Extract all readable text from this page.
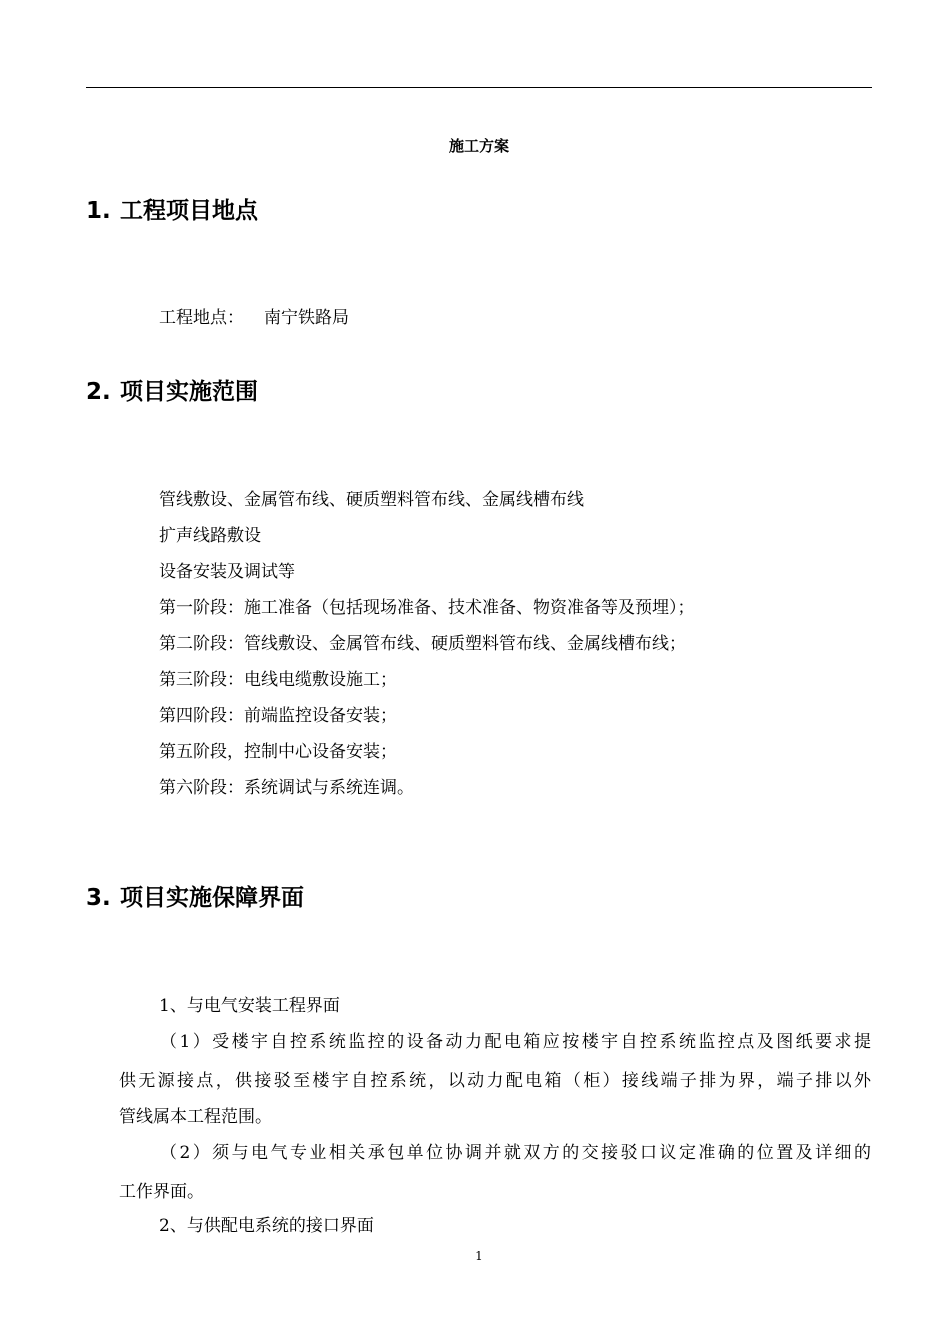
施工方案
1. 工程项目地点
工程地点： 南宁铁路局
2. 项目实施范围
管线敷设、金属管布线、硬质塑料管布线、金属线槽布线
扩声线路敷设
设备安装及调试等
第一阶段：施工准备（包括现场准备、技术准备、物资准备等及预埋）；
第二阶段：管线敷设、金属管布线、硬质塑料管布线、金属线槽布线；
第三阶段：电线电缆敷设施工；
第四阶段：前端监控设备安装；
第五阶段，控制中心设备安装；
第六阶段：系统调试与系统连调。
3. 项目实施保障界面
1、与电气安装工程界面
（1）受楼宇自控系统监控的设备动力配电箱应按楼宇自控系统监控点及图纸要求提
供无源接点，供接驳至楼宇自控系统，以动力配电箱（柜）接线端子排为界，端子排以外
管线属本工程范围。
（2）须与电气专业相关承包单位协调并就双方的交接驳口议定准确的位置及详细的
工作界面。
2、与供配电系统的接口界面
1
